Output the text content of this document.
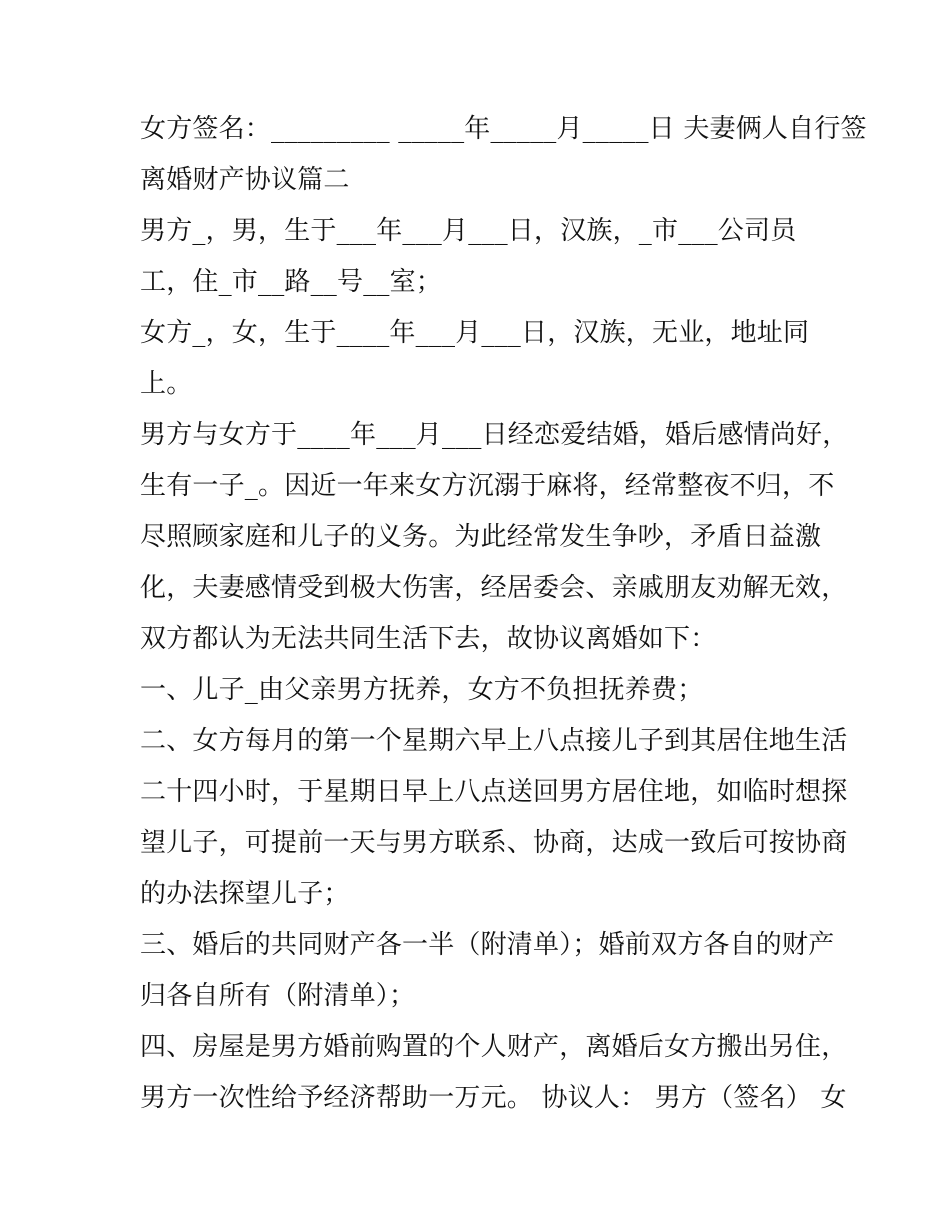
女方签名：_________ _____年_____月_____日 夫妻俩人自行签
离婚财产协议篇二
男方_，男，生于___年___月___日，汉族，_市___公司员
工，住_市__路__号__室；
女方_，女，生于____年___月___日，汉族，无业，地址同
上。
男方与女方于____年___月___日经恋爱结婚，婚后感情尚好，
生有一子_。因近一年来女方沉溺于麻将，经常整夜不归，不
尽照顾家庭和儿子的义务。为此经常发生争吵，矛盾日益激
化，夫妻感情受到极大伤害，经居委会、亲戚朋友劝解无效，
双方都认为无法共同生活下去，故协议离婚如下：
一、儿子_由父亲男方抚养，女方不负担抚养费；
二、女方每月的第一个星期六早上八点接儿子到其居住地生活
二十四小时，于星期日早上八点送回男方居住地，如临时想探
望儿子，可提前一天与男方联系、协商，达成一致后可按协商
的办法探望儿子；
三、婚后的共同财产各一半（附清单）；婚前双方各自的财产
归各自所有（附清单）；
四、房屋是男方婚前购置的个人财产，离婚后女方搬出另住，
男方一次性给予经济帮助一万元。 协议人： 男方（签名） 女
